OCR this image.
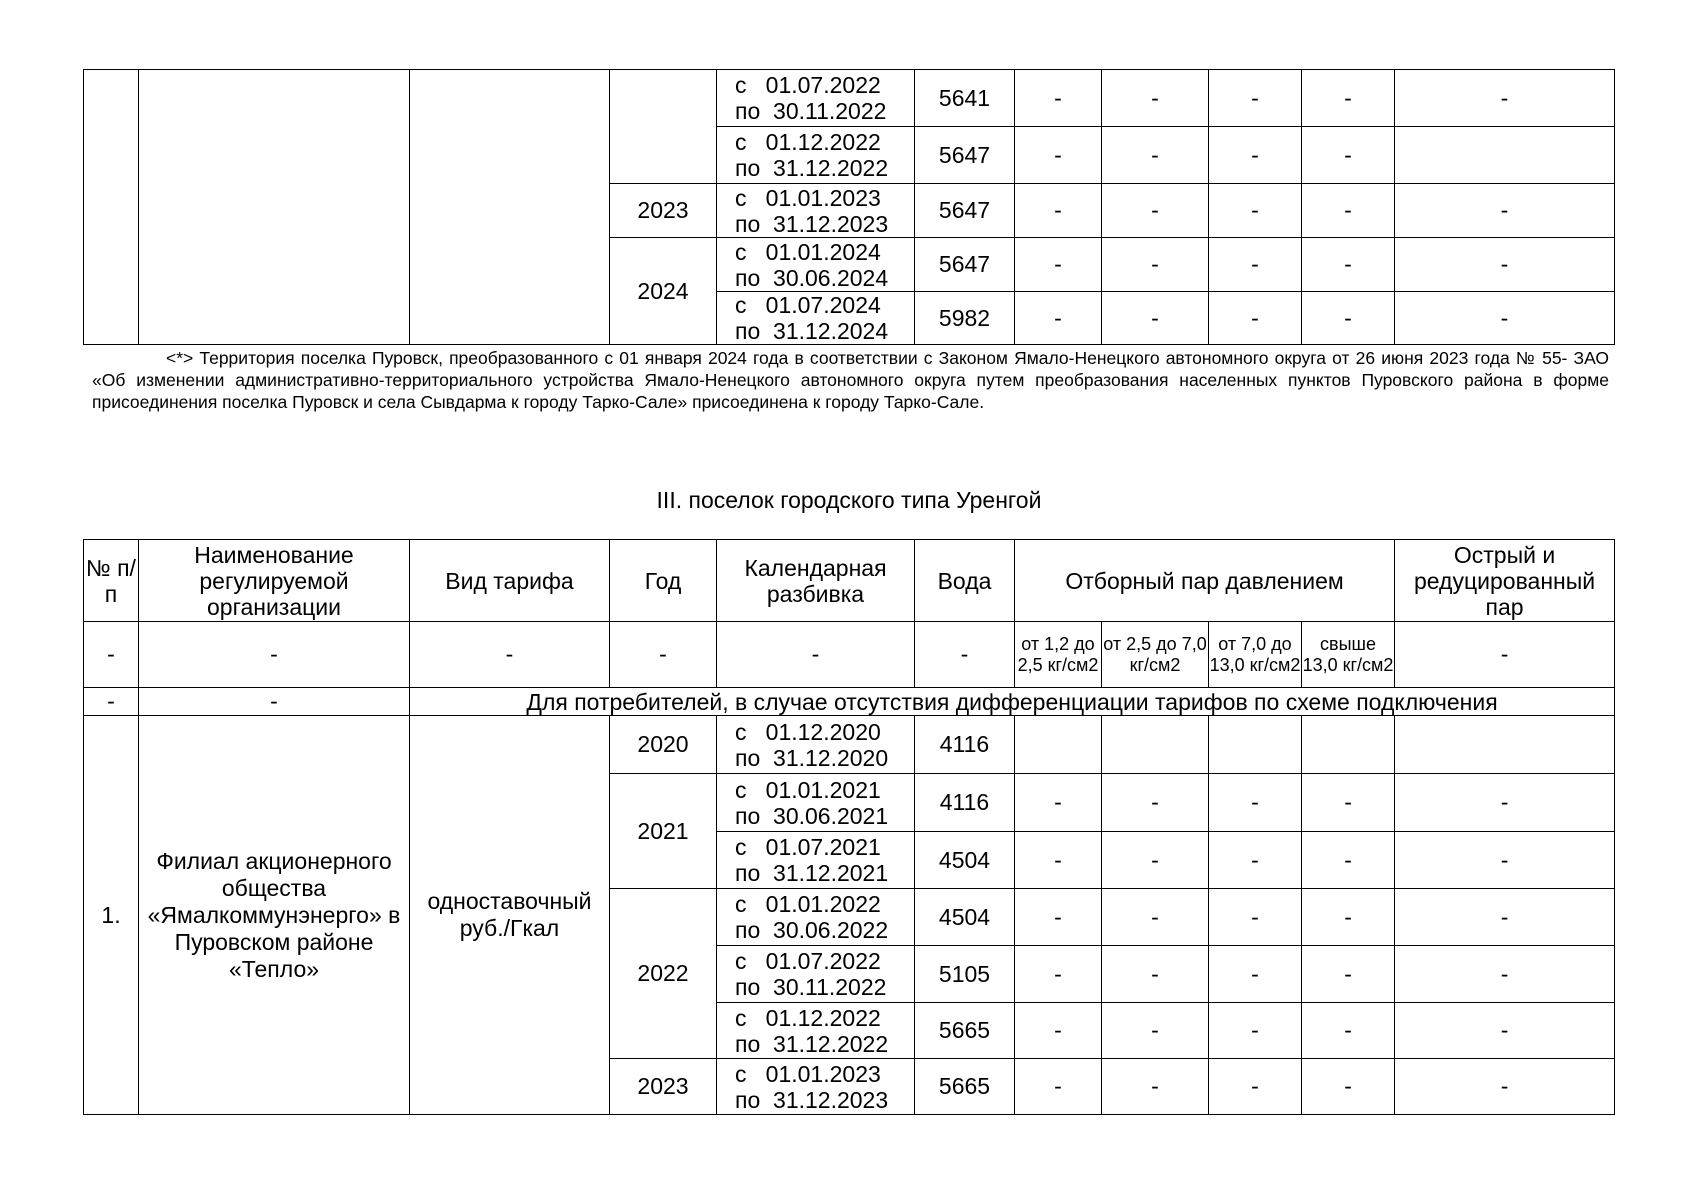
				с   01.07.2022
по  30.11.2022	5641	-	-	-	-	-

				с   01.12.2022
по  31.12.2022	5647	-	-	-	-	
			2023	с   01.01.2023
по  31.12.2023	5647	-	-	-	-	-
			2024	с   01.01.2024
по  30.06.2024	5647	-	-	-	-	-

				с   01.07.2024
по  31.12.2024	5982	-	-	-	-	-
<*> Территория поселка Пуровск, преобразованного с 01 января 2024 года в соответствии с Законом Ямало-Ненецкого автономного округа от 26 июня 2023 года № 55- ЗАО «Об изменении административно-территориального устройства Ямало-Ненецкого автономного округа путем преобразования населенных пунктов Пуровского района в форме присоединения поселка Пуровск и села Сывдарма к городу Тарко-Сале» присоединена к городу Тарко-Сале.
III. поселок городского типа Уренгой
№ п/п	Наименование регулируемой организации	Вид тарифа	Год	Календарная разбивка	Вода	Отборный пар давлением				Острый и редуцированный пар
-	-	-	-	-	-	от 1,2 до 2,5 кг/см2	от 2,5 до 7,0 кг/см2	от 7,0 до 13,0 кг/см2	свыше 13,0 кг/см2	-
-	-	Для потребителей, в случае отсутствия дифференциации тарифов по схеме подключения								
1.	Филиал акционерного общества «Ямалкоммунэнерго» в Пуровском районе «Тепло»	одноставочный руб./Гкал	2020	с   01.12.2020
по  31.12.2020	4116					
			2021	с   01.01.2021
по  30.06.2021	4116	-	-	-	-	-

				с   01.07.2021
по  31.12.2021	4504	-	-	-	-	-
			2022	с   01.01.2022
по  30.06.2022	4504	-	-	-	-	-

				с   01.07.2022
по  30.11.2022	5105	-	-	-	-	-

				с   01.12.2022
по  31.12.2022	5665	-	-	-	-	-
			2023	с   01.01.2023
по  31.12.2023	5665	-	-	-	-	-
